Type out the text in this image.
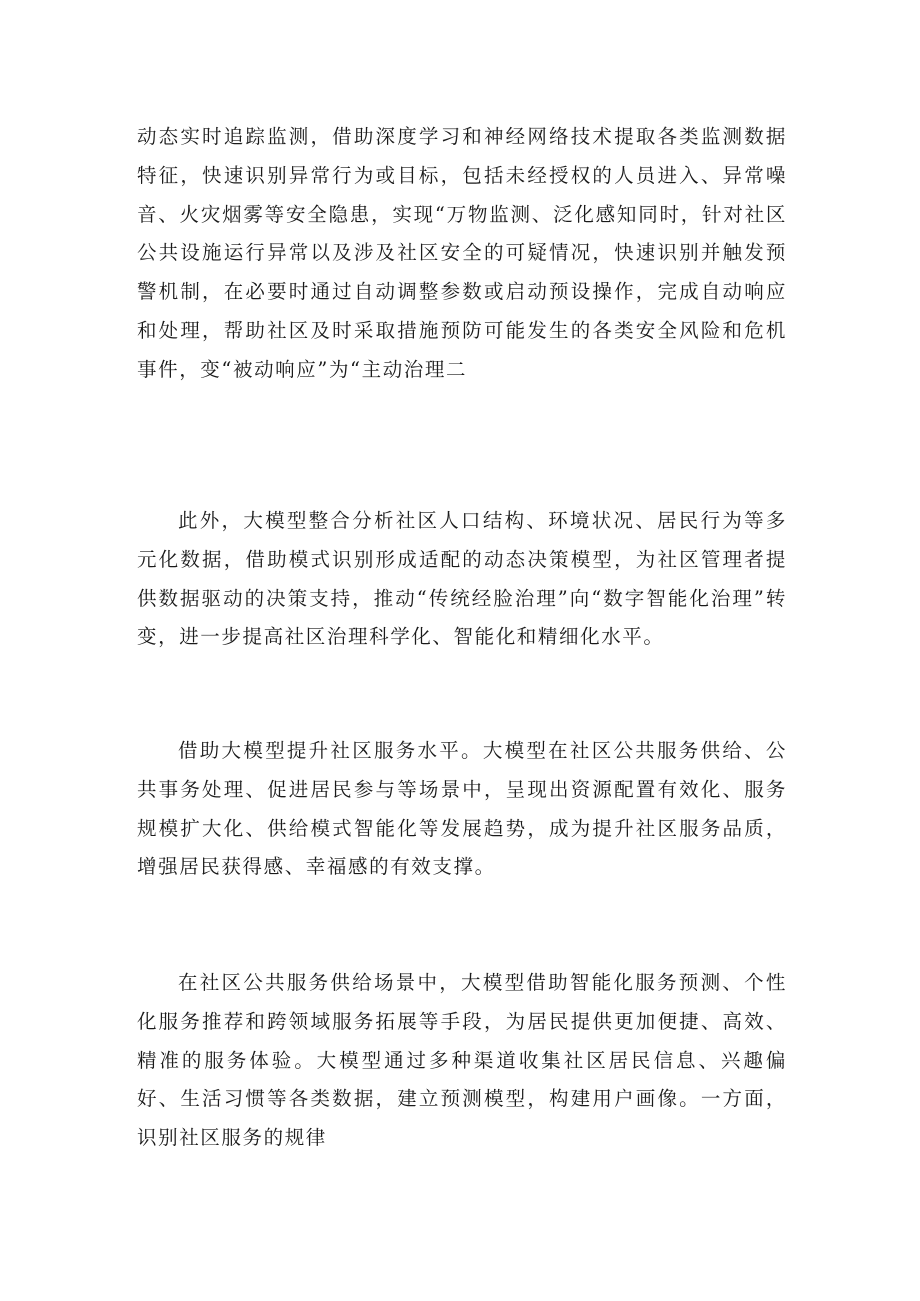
动态实时追踪监测，借助深度学习和神经网络技术提取各类监测数据特征，快速识别异常行为或目标，包括未经授权的人员进入、异常噪音、火灾烟雾等安全隐患，实现“万物监测、泛化感知同时，针对社区公共设施运行异常以及涉及社区安全的可疑情况，快速识别并触发预警机制，在必要时通过自动调整参数或启动预设操作，完成自动响应和处理，帮助社区及时采取措施预防可能发生的各类安全风险和危机事件，变“被动响应”为“主动治理二

此外，大模型整合分析社区人口结构、环境状况、居民行为等多元化数据，借助模式识别形成适配的动态决策模型，为社区管理者提供数据驱动的决策支持，推动“传统经脸治理”向“数字智能化治理”转变，进一步提高社区治理科学化、智能化和精细化水平。

借助大模型提升社区服务水平。大模型在社区公共服务供给、公共事务处理、促进居民参与等场景中，呈现出资源配置有效化、服务规模扩大化、供给模式智能化等发展趋势，成为提升社区服务品质，增强居民获得感、幸福感的有效支撑。

在社区公共服务供给场景中，大模型借助智能化服务预测、个性化服务推荐和跨领域服务拓展等手段，为居民提供更加便捷、高效、精准的服务体验。大模型通过多种渠道收集社区居民信息、兴趣偏好、生活习惯等各类数据，建立预测模型，构建用户画像。一方面，识别社区服务的规律
